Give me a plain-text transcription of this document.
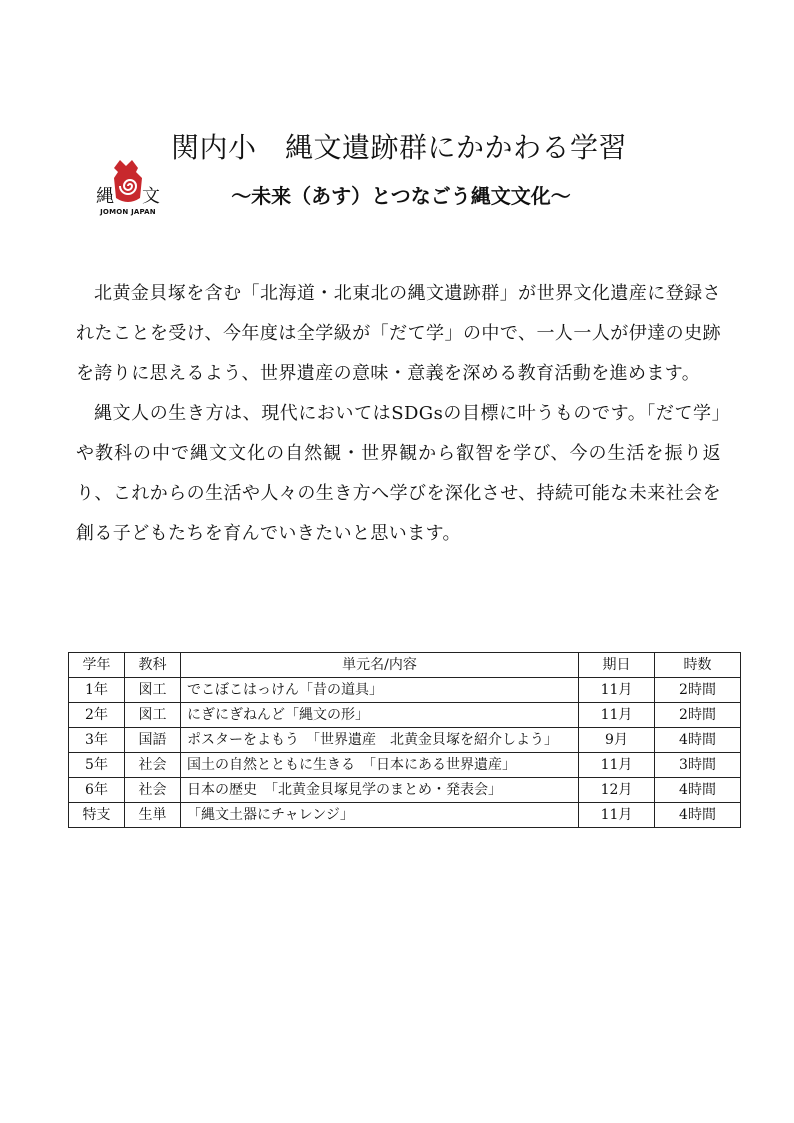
関内小　縄文遺跡群にかかわる学習
縄 文
JOMON JAPAN
～未来（あす）とつなごう縄文文化～

北黄金貝塚を含む「北海道・北東北の縄文遺跡群」が世界文化遺産に登録されたことを受け、今年度は全学級が「だて学」の中で、一人一人が伊達の史跡を誇りに思えるよう、世界遺産の意味・意義を深める教育活動を進めます。

縄文人の生き方は、現代においてはSDGsの目標に叶うものです。「だて学」や教科の中で縄文文化の自然観・世界観から叡智を学び、今の生活を振り返り、これからの生活や人々の生き方へ学びを深化させ、持続可能な未来社会を創る子どもたちを育んでいきたいと思います。

学年	教科	単元名/内容	期日	時数
1年	図工	でこぼこはっけん「昔の道具」	11月	2時間
2年	図工	にぎにぎねんど「縄文の形」	11月	2時間
3年	国語	ポスターをよもう　「世界遺産　北黄金貝塚を紹介しよう」	9月	4時間
5年	社会	国土の自然とともに生きる　「日本にある世界遺産」	11月	3時間
6年	社会	日本の歴史　「北黄金貝塚見学のまとめ・発表会」	12月	4時間
特支	生単	「縄文土器にチャレンジ」	11月	4時間
